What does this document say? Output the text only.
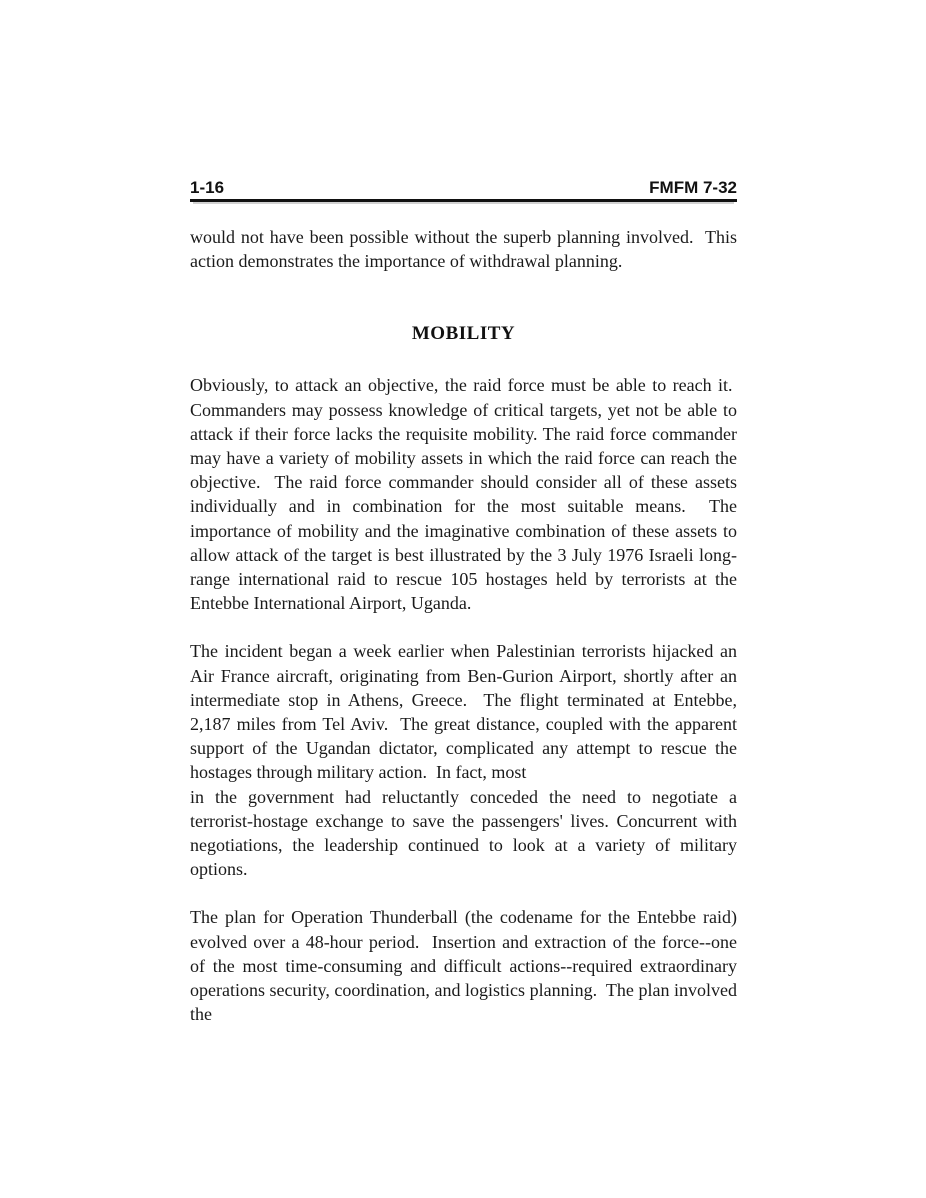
1-16	FMFM 7-32

would not have been possible without the superb planning involved.  This action demonstrates the importance of withdrawal planning.

MOBILITY

Obviously, to attack an objective, the raid force must be able to reach it.  Commanders may possess knowledge of critical targets, yet not be able to attack if their force lacks the requisite mobility. The raid force commander may have a variety of mobility assets in which the raid force can reach the objective.  The raid force commander should consider all of these assets individually and in combination for the most suitable means.  The importance of mobility and the imaginative combination of these assets to allow attack of the target is best illustrated by the 3 July 1976 Israeli long-range international raid to rescue 105 hostages held by terrorists at the Entebbe International Airport, Uganda.

The incident began a week earlier when Palestinian terrorists hijacked an Air France aircraft, originating from Ben-Gurion Airport, shortly after an intermediate stop in Athens, Greece.  The flight terminated at Entebbe, 2,187 miles from Tel Aviv.  The great distance, coupled with the apparent support of the Ugandan dictator, complicated any attempt to rescue the hostages through military action.  In fact, most

in the government had reluctantly conceded the need to negotiate a terrorist-hostage exchange to save the passengers' lives. Concurrent with negotiations, the leadership continued to look at a variety of military options.

The plan for Operation Thunderball (the codename for the Entebbe raid) evolved over a 48-hour period.  Insertion and extraction of the force--one of the most time-consuming and difficult actions--required extraordinary operations security, coordination, and logistics planning.  The plan involved the
